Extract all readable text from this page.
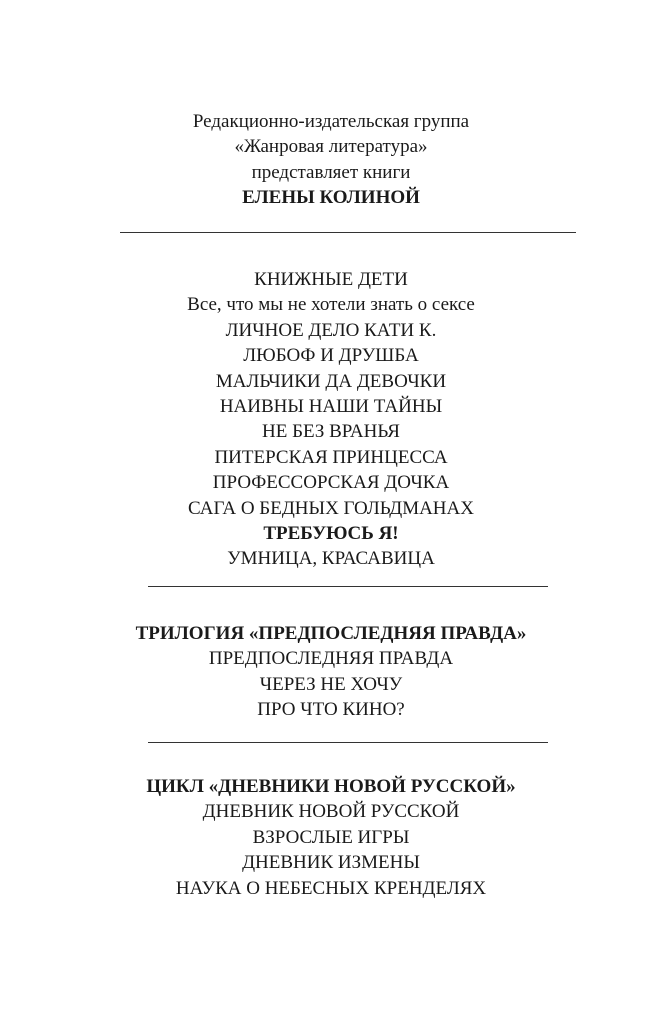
Редакционно-издательская группа
«Жанровая литература»
представляет книги
ЕЛЕНЫ КОЛИНОЙ
КНИЖНЫЕ ДЕТИ
Все, что мы не хотели знать о сексе
ЛИЧНОЕ ДЕЛО КАТИ К.
ЛЮБОФ И ДРУШБА
МАЛЬЧИКИ ДА ДЕВОЧКИ
НАИВНЫ НАШИ ТАЙНЫ
НЕ БЕЗ ВРАНЬЯ
ПИТЕРСКАЯ ПРИНЦЕССА
ПРОФЕССОРСКАЯ ДОЧКА
САГА О БЕДНЫХ ГОЛЬДМАНАХ
ТРЕБУЮСЬ Я!
УМНИЦА, КРАСАВИЦА
ТРИЛОГИЯ «ПРЕДПОСЛЕДНЯЯ ПРАВДА»
ПРЕДПОСЛЕДНЯЯ ПРАВДА
ЧЕРЕЗ НЕ ХОЧУ
ПРО ЧТО КИНО?
ЦИКЛ «ДНЕВНИКИ НОВОЙ РУССКОЙ»
ДНЕВНИК НОВОЙ РУССКОЙ
ВЗРОСЛЫЕ ИГРЫ
ДНЕВНИК ИЗМЕНЫ
НАУКА О НЕБЕСНЫХ КРЕНДЕЛЯХ
